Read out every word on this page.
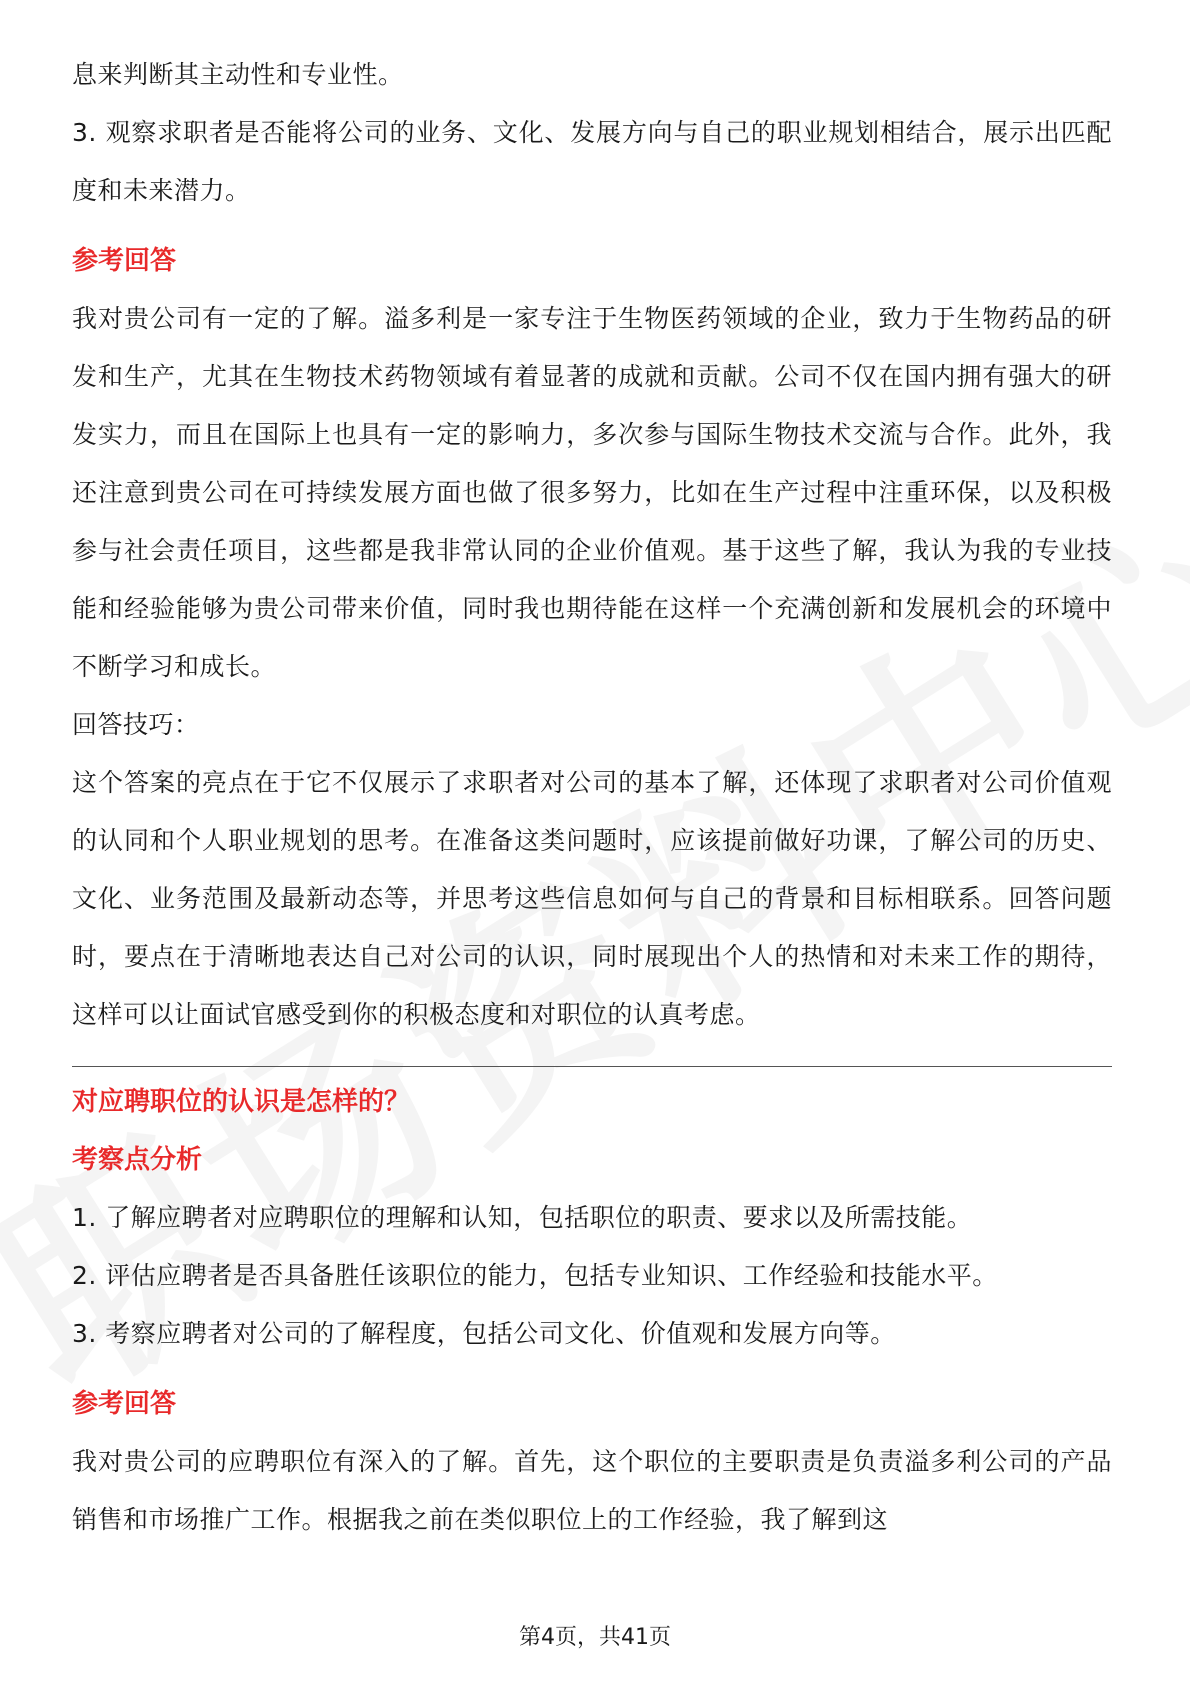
息来判断其主动性和专业性。

3. 观察求职者是否能将公司的业务、文化、发展方向与自己的职业规划相结合，展示出匹配度和未来潜力。

参考回答

我对贵公司有一定的了解。溢多利是一家专注于生物医药领域的企业，致力于生物药品的研发和生产，尤其在生物技术药物领域有着显著的成就和贡献。公司不仅在国内拥有强大的研发实力，而且在国际上也具有一定的影响力，多次参与国际生物技术交流与合作。此外，我还注意到贵公司在可持续发展方面也做了很多努力，比如在生产过程中注重环保，以及积极参与社会责任项目，这些都是我非常认同的企业价值观。基于这些了解，我认为我的专业技能和经验能够为贵公司带来价值，同时我也期待能在这样一个充满创新和发展机会的环境中不断学习和成长。

回答技巧：

这个答案的亮点在于它不仅展示了求职者对公司的基本了解，还体现了求职者对公司价值观的认同和个人职业规划的思考。在准备这类问题时，应该提前做好功课，了解公司的历史、文化、业务范围及最新动态等，并思考这些信息如何与自己的背景和目标相联系。回答问题时，要点在于清晰地表达自己对公司的认识，同时展现出个人的热情和对未来工作的期待，这样可以让面试官感受到你的积极态度和对职位的认真考虑。

对应聘职位的认识是怎样的？

考察点分析

1. 了解应聘者对应聘职位的理解和认知，包括职位的职责、要求以及所需技能。

2. 评估应聘者是否具备胜任该职位的能力，包括专业知识、工作经验和技能水平。

3. 考察应聘者对公司的了解程度，包括公司文化、价值观和发展方向等。

参考回答

我对贵公司的应聘职位有深入的了解。首先，这个职位的主要职责是负责溢多利公司的产品销售和市场推广工作。根据我之前在类似职位上的工作经验，我了解到这

第4页，共41页
